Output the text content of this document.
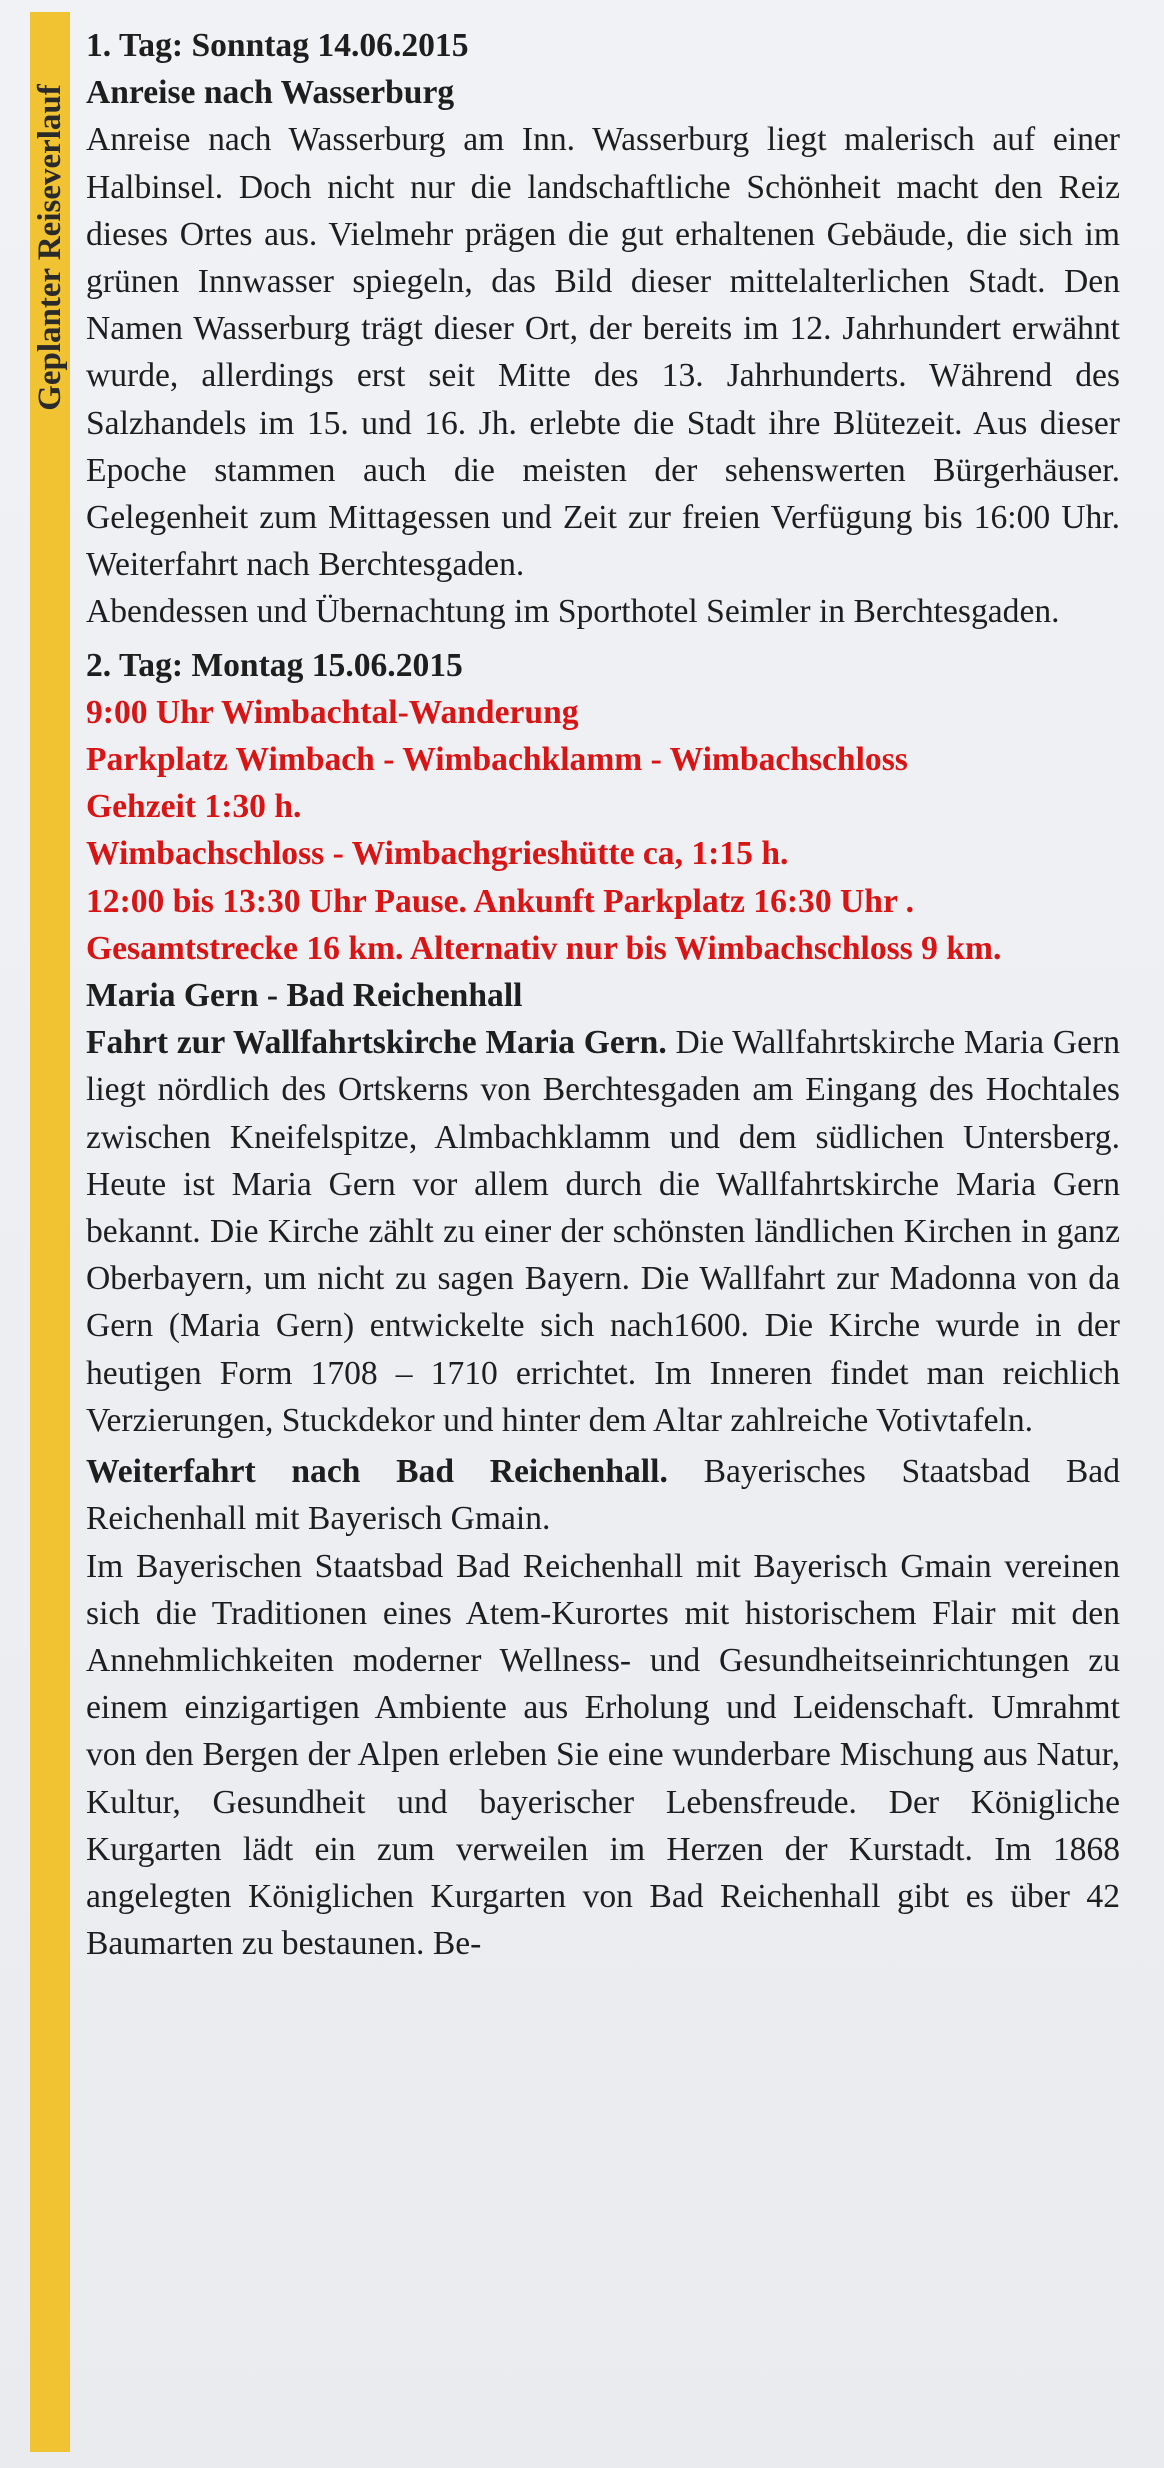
Geplanter Reiseverlauf

1. Tag: Sonntag 14.06.2015

Anreise nach Wasserburg

Anreise nach Wasserburg am Inn. Wasserburg liegt malerisch auf einer Halbinsel. Doch nicht nur die landschaftliche Schönheit macht den Reiz dieses Ortes aus. Vielmehr prägen die gut erhaltenen Gebäude, die sich im grünen Innwasser spiegeln, das Bild dieser mittelalterlichen Stadt. Den Namen Wasserburg trägt dieser Ort, der bereits im 12. Jahrhundert erwähnt wurde, allerdings erst seit Mitte des 13. Jahrhunderts. Während des Salzhandels im 15. und 16. Jh. erlebte die Stadt ihre Blütezeit. Aus dieser Epoche stammen auch die meisten der sehenswerten Bürgerhäuser. Gelegenheit zum Mittagessen und Zeit zur freien Verfügung bis 16:00 Uhr. Weiterfahrt nach Berchtesgaden.

Abendessen und Übernachtung im Sporthotel Seimler in Berchtesgaden.

2. Tag: Montag 15.06.2015

9:00 Uhr Wimbachtal-Wanderung

Parkplatz Wimbach - Wimbachklamm - Wimbachschloss

Gehzeit 1:30 h.

Wimbachschloss - Wimbachgrieshütte ca, 1:15 h.

12:00 bis 13:30 Uhr Pause. Ankunft Parkplatz 16:30 Uhr .

Gesamtstrecke 16 km. Alternativ nur bis Wimbachschloss 9 km.

Maria Gern - Bad Reichenhall

Fahrt zur Wallfahrtskirche Maria Gern. Die Wallfahrtskirche Maria Gern liegt nördlich des Ortskerns von Berchtesgaden am Eingang des Hochtales zwischen Kneifelspitze, Almbachklamm und dem südlichen Untersberg. Heute ist Maria Gern vor allem durch die Wallfahrtskirche Maria Gern bekannt. Die Kirche zählt zu einer der schönsten ländlichen Kirchen in ganz Oberbayern, um nicht zu sagen Bayern. Die Wallfahrt zur Madonna von da Gern (Maria Gern) entwickelte sich nach1600. Die Kirche wurde in der heutigen Form 1708 – 1710 errichtet. Im Inneren findet man reichlich Verzierungen, Stuckdekor und hinter dem Altar zahlreiche Votivtafeln.

Weiterfahrt nach Bad Reichenhall. Bayerisches Staatsbad Bad Reichenhall mit Bayerisch Gmain.

Im Bayerischen Staatsbad Bad Reichenhall mit Bayerisch Gmain vereinen sich die Traditionen eines Atem-Kurortes mit historischem Flair mit den Annehmlichkeiten moderner Wellness- und Gesundheitseinrichtungen zu einem einzigartigen Ambiente aus Erholung und Leidenschaft. Umrahmt von den Bergen der Alpen erleben Sie eine wunderbare Mischung aus Natur, Kultur, Gesundheit und bayerischer Lebensfreude. Der Königliche Kurgarten lädt ein zum verweilen im Herzen der Kurstadt. Im 1868 angelegten Königlichen Kurgarten von Bad Reichenhall gibt es über 42 Baumarten zu bestaunen. Be-
